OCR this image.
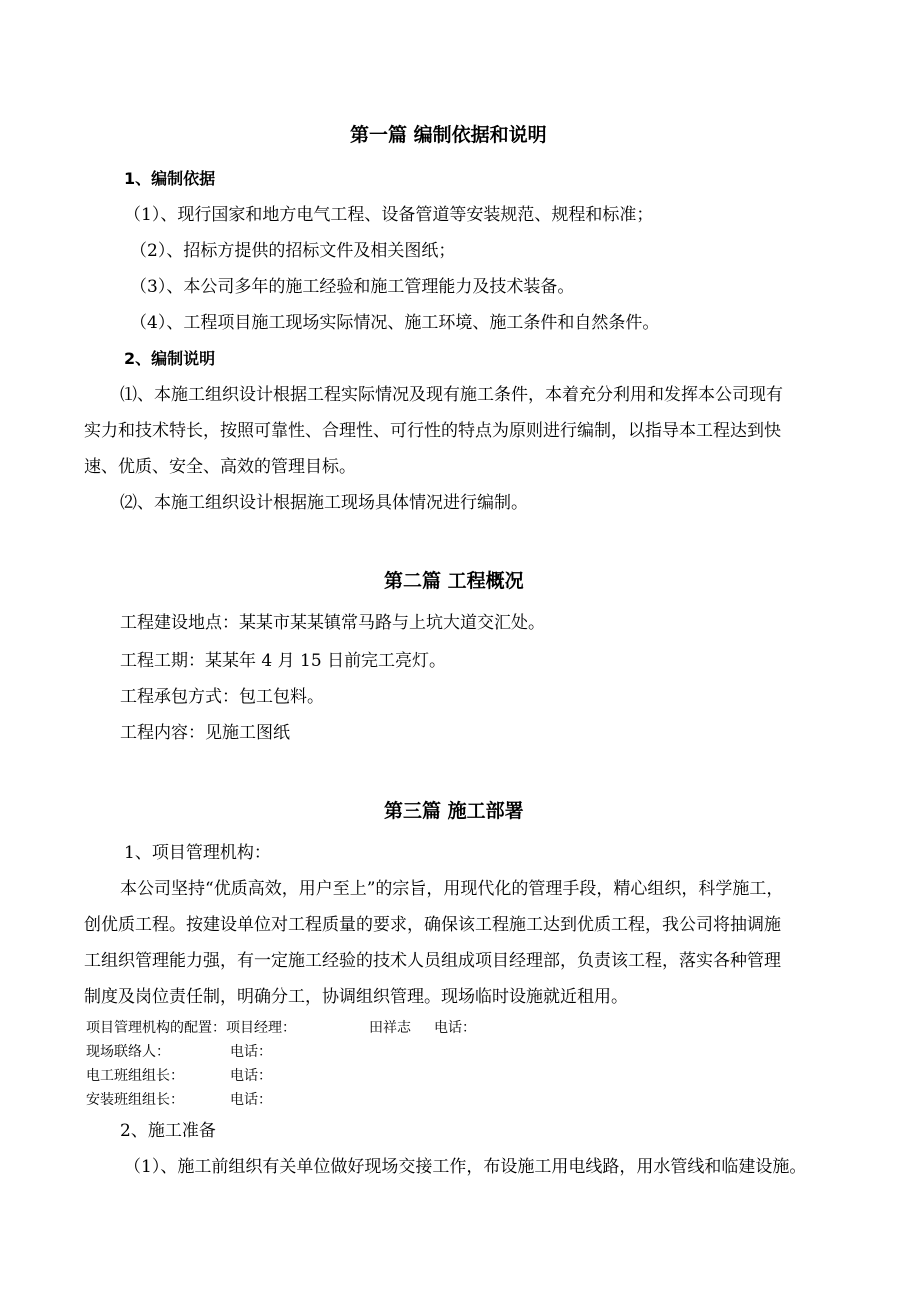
第一篇 编制依据和说明
1、编制依据
（1）、现行国家和地方电气工程、设备管道等安装规范、规程和标准；
（2）、招标方提供的招标文件及相关图纸；
（3）、本公司多年的施工经验和施工管理能力及技术装备。
（4）、工程项目施工现场实际情况、施工环境、施工条件和自然条件。
2、编制说明
⑴、本施工组织设计根据工程实际情况及现有施工条件，本着充分利用和发挥本公司现有
实力和技术特长，按照可靠性、合理性、可行性的特点为原则进行编制，以指导本工程达到快
速、优质、安全、高效的管理目标。
⑵、本施工组织设计根据施工现场具体情况进行编制。
第二篇 工程概况
工程建设地点：某某市某某镇常马路与上坑大道交汇处。
工程工期：某某年 4 月 15 日前完工亮灯。
工程承包方式：包工包料。
工程内容：见施工图纸
第三篇 施工部署
1、项目管理机构：
本公司坚持“优质高效，用户至上”的宗旨，用现代化的管理手段，精心组织，科学施工，
创优质工程。按建设单位对工程质量的要求，确保该工程施工达到优质工程，我公司将抽调施
工组织管理能力强，有一定施工经验的技术人员组成项目经理部，负责该工程，落实各种管理
制度及岗位责任制，明确分工，协调组织管理。现场临时设施就近租用。
项目管理机构的配置：项目经理：	田祥志 电话：
现场联络人：	电话：
电工班组组长：	电话：
安装班组组长：	电话：
2、施工准备
（1）、施工前组织有关单位做好现场交接工作，布设施工用电线路，用水管线和临建设施。
